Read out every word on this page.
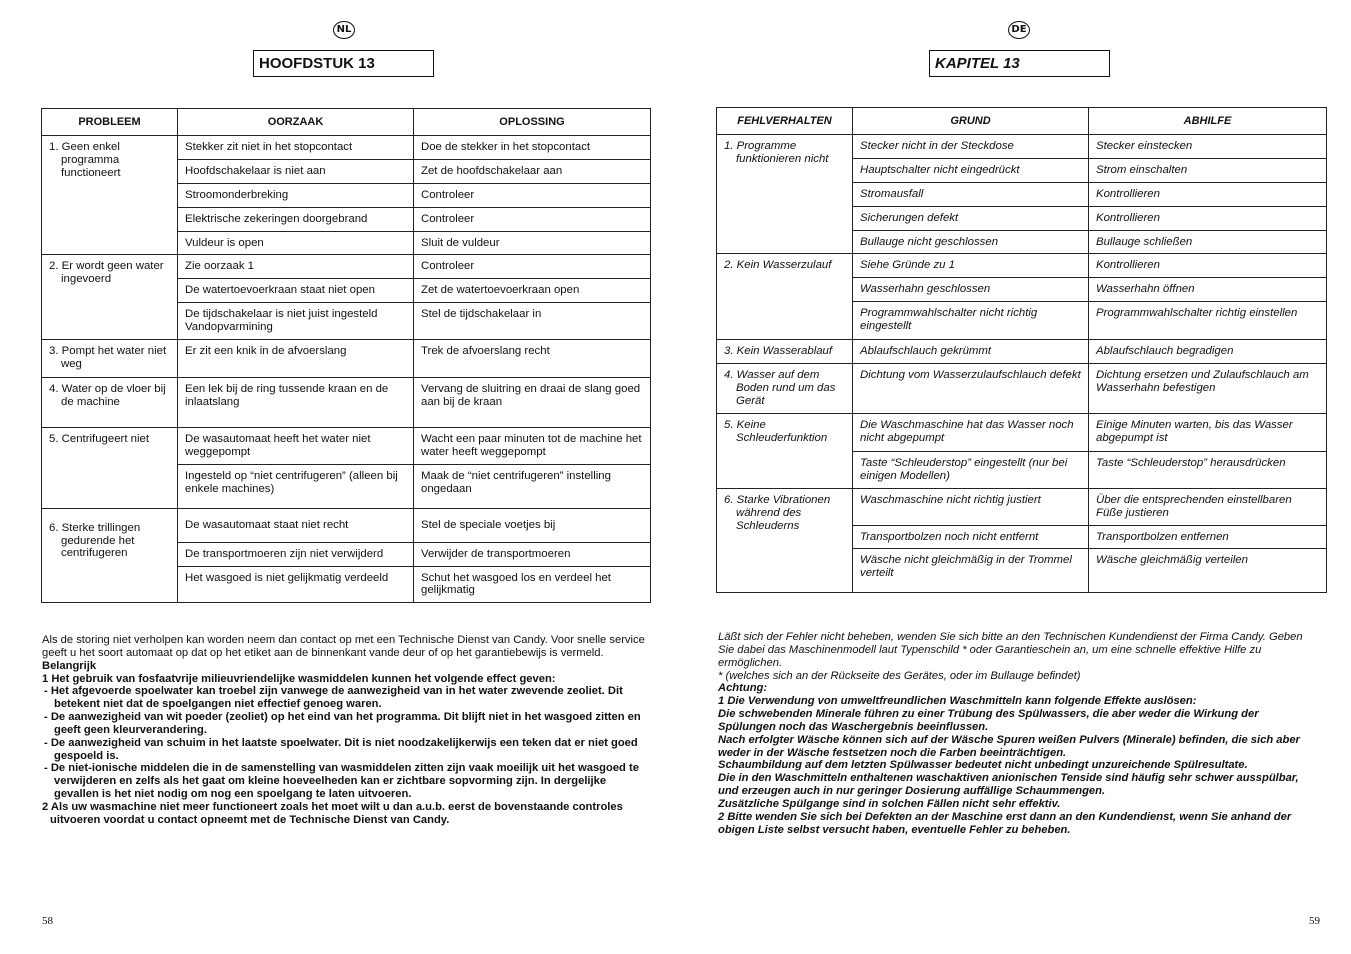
NL
HOOFDSTUK 13
PROBLEEM	OORZAAK	OPLOSSING

1. Geen enkel programma functioneert	Stekker zit niet in het stopcontact	Doe de stekker in het stopcontact
	Hoofdschakelaar is niet aan	Zet de hoofdschakelaar aan
	Stroomonderbreking	Controleer
	Elektrische zekeringen doorgebrand	Controleer
	Vuldeur is open	Sluit de vuldeur

2. Er wordt geen water ingevoerd	Zie oorzaak 1	Controleer
	De watertoevoerkraan staat niet open	Zet de watertoevoerkraan open
	De tijdschakelaar is niet juist ingesteld Vandopvarmining	Stel de tijdschakelaar in

3. Pompt het water niet weg	Er zit een knik in de afvoerslang	Trek de afvoerslang recht

4. Water op de vloer bij de machine	Een lek bij de ring tussende kraan en de inlaatslang	Vervang de sluitring en draai de slang goed aan bij de kraan

5. Centrifugeert niet	De wasautomaat heeft het water niet weggepompt	Wacht een paar minuten tot de machine het water heeft weggepompt
	Ingesteld op “niet centrifugeren” (alleen bij enkele machines)	Maak de “niet centrifugeren” instelling ongedaan

6. Sterke trillingen gedurende het centrifugeren	De wasautomaat staat niet recht	Stel de speciale voetjes bij
	De transportmoeren zijn niet verwijderd	Verwijder de transportmoeren
	Het wasgoed is niet gelijkmatig verdeeld	Schut het wasgoed los en verdeel het gelijkmatig

Als de storing niet verholpen kan worden neem dan contact op met een Technische Dienst van Candy. Voor snelle service geeft u het soort automaat op dat op het etiket aan de binnenkant vande deur of op het garantiebewijs is vermeld.

Belangrijk

1 Het gebruik van fosfaatvrije milieuvriendelijke wasmiddelen kunnen het volgende effect geven:

- Het afgevoerde spoelwater kan troebel zijn vanwege de aanwezigheid van in het water zwevende zeoliet. Dit betekent niet dat de spoelgangen niet effectief genoeg waren.

- De aanwezigheid van wit poeder (zeoliet) op het eind van het programma. Dit blijft niet in het wasgoed zitten en geeft geen kleurverandering.

- De aanwezigheid van schuim in het laatste spoelwater. Dit is niet noodzakelijkerwijs een teken dat er niet goed gespoeld is.

- De niet-ionische middelen die in de samenstelling van wasmiddelen zitten zijn vaak moeilijk uit het wasgoed te verwijderen en zelfs als het gaat om kleine hoeveelheden kan er zichtbare sopvorming zijn. In dergelijke gevallen is het niet nodig om nog een spoelgang te laten uitvoeren.

2 Als uw wasmachine niet meer functioneert zoals het moet wilt u dan a.u.b. eerst de bovenstaande controles uitvoeren voordat u contact opneemt met de Technische Dienst van Candy.

58
DE
KAPITEL 13
FEHLVERHALTEN	GRUND	ABHILFE

1. Programme funktionieren nicht	Stecker nicht in der Steckdose	Stecker einstecken
	Hauptschalter nicht eingedrückt	Strom einschalten
	Stromausfall	Kontrollieren
	Sicherungen defekt	Kontrollieren
	Bullauge nicht geschlossen	Bullauge schließen

2. Kein Wasserzulauf	Siehe Gründe zu 1	Kontrollieren
	Wasserhahn geschlossen	Wasserhahn öffnen
	Programmwahlschalter nicht richtig eingestellt	Programmwahlschalter richtig einstellen

3. Kein Wasserablauf	Ablaufschlauch gekrümmt	Ablaufschlauch begradigen

4. Wasser auf dem Boden rund um das Gerät	Dichtung vom Wasserzulaufschlauch defekt	Dichtung ersetzen und Zulaufschlauch am Wasserhahn befestigen

5. Keine Schleuderfunktion	Die Waschmaschine hat das Wasser noch nicht abgepumpt	Einige Minuten warten, bis das Wasser abgepumpt ist
	Taste “Schleuderstop” eingestellt (nur bei einigen Modellen)	Taste “Schleuderstop” herausdrücken

6. Starke Vibrationen während des Schleuderns	Waschmaschine nicht richtig justiert	Über die entsprechenden einstellbaren Füße justieren
	Transportbolzen noch nicht entfernt	Transportbolzen entfernen
	Wäsche nicht gleichmäßig in der Trommel verteilt	Wäsche gleichmäßig verteilen

Läßt sich der Fehler nicht beheben, wenden Sie sich bitte an den Technischen Kundendienst der Firma Candy. Geben Sie dabei das Maschinenmodell laut Typenschild * oder Garantieschein an, um eine schnelle effektive Hilfe zu ermöglichen.

* (welches sich an der Rückseite des Gerätes, oder im Bullauge befindet)

Achtung:

1 Die Verwendung von umweltfreundlichen Waschmitteln kann folgende Effekte auslösen:

Die schwebenden Minerale führen zu einer Trübung des Spülwassers, die aber weder die Wirkung der Spülungen noch das Waschergebnis beeinflussen.

Nach erfolgter Wäsche können sich auf der Wäsche Spuren weißen Pulvers (Minerale) befinden, die sich aber weder in der Wäsche festsetzen noch die Farben beeinträchtigen.

Schaumbildung auf dem letzten Spülwasser bedeutet nicht unbedingt unzureichende Spülresultate.

Die in den Waschmitteln enthaltenen waschaktiven anionischen Tenside sind häufig sehr schwer ausspülbar, und erzeugen auch in nur geringer Dosierung auffällige Schaummengen.

Zusätzliche Spülgange sind in solchen Fällen nicht sehr effektiv.

2 Bitte wenden Sie sich bei Defekten an der Maschine erst dann an den Kundendienst, wenn Sie anhand der obigen Liste selbst versucht haben, eventuelle Fehler zu beheben.

59
